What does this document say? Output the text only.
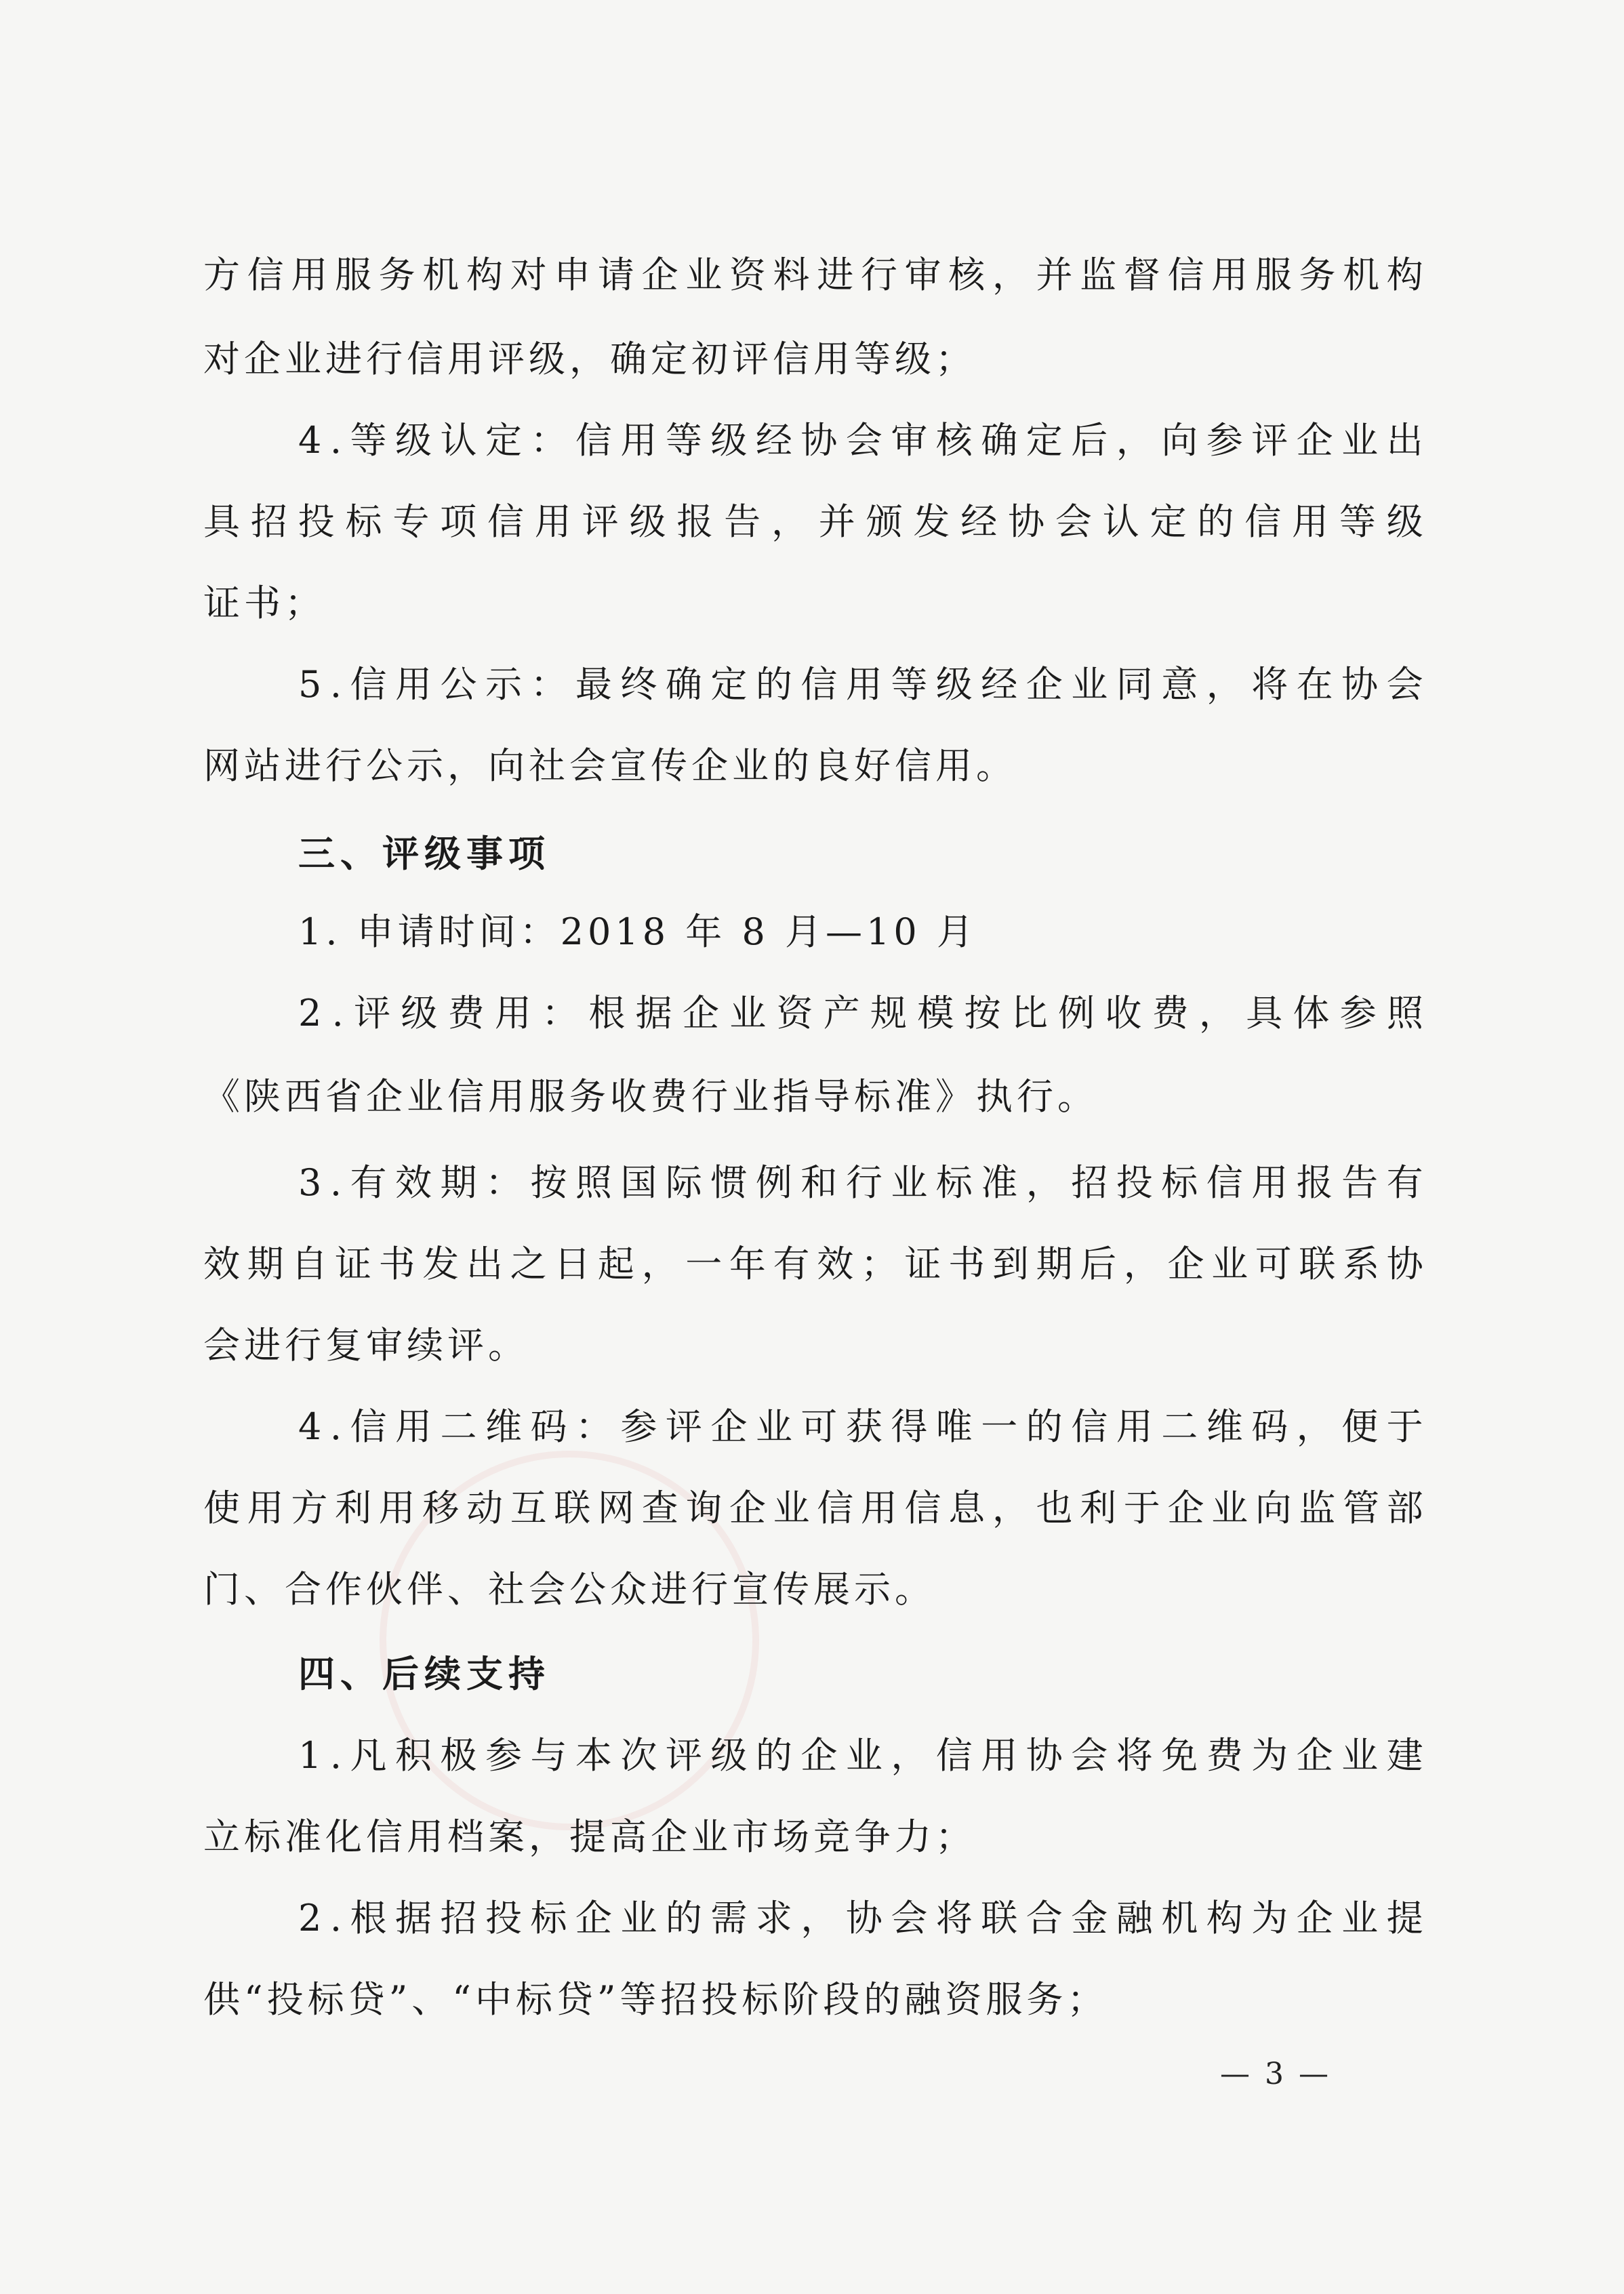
方 信 用 服 务 机 构 对 申 请 企 业 资 料 进 行 审 核 ， 并 监 督 信 用 服 务 机 构
对企业进行信用评级，确定初评信用等级；
4 . 等 级 认 定 ： 信 用 等 级 经 协 会 审 核 确 定 后 ， 向 参 评 企 业 出
具 招 投 标 专 项 信 用 评 级 报 告 ， 并 颁 发 经 协 会 认 定 的 信 用 等 级
证书；
5 . 信 用 公 示 ： 最 终 确 定 的 信 用 等 级 经 企 业 同 意 ， 将 在 协 会
网站进行公示，向社会宣传企业的良好信用。
三、评级事项
1. 申请时间：2018 年 8 月—10 月
2 . 评 级 费 用 ： 根 据 企 业 资 产 规 模 按 比 例 收 费 ， 具 体 参 照
《陕西省企业信用服务收费行业指导标准》执行。
3 . 有 效 期 ： 按 照 国 际 惯 例 和 行 业 标 准 ， 招 投 标 信 用 报 告 有
效 期 自 证 书 发 出 之 日 起 ， 一 年 有 效 ； 证 书 到 期 后 ， 企 业 可 联 系 协
会进行复审续评。
4 . 信 用 二 维 码 ： 参 评 企 业 可 获 得 唯 一 的 信 用 二 维 码 ， 便 于
使 用 方 利 用 移 动 互 联 网 查 询 企 业 信 用 信 息 ， 也 利 于 企 业 向 监 管 部
门、合作伙伴、社会公众进行宣传展示。
四、后续支持
1 . 凡 积 极 参 与 本 次 评 级 的 企 业 ， 信 用 协 会 将 免 费 为 企 业 建
立标准化信用档案，提高企业市场竞争力；
2 . 根 据 招 投 标 企 业 的 需 求 ， 协 会 将 联 合 金 融 机 构 为 企 业 提
供“投标贷”、“中标贷”等招投标阶段的融资服务；
— 3 —
